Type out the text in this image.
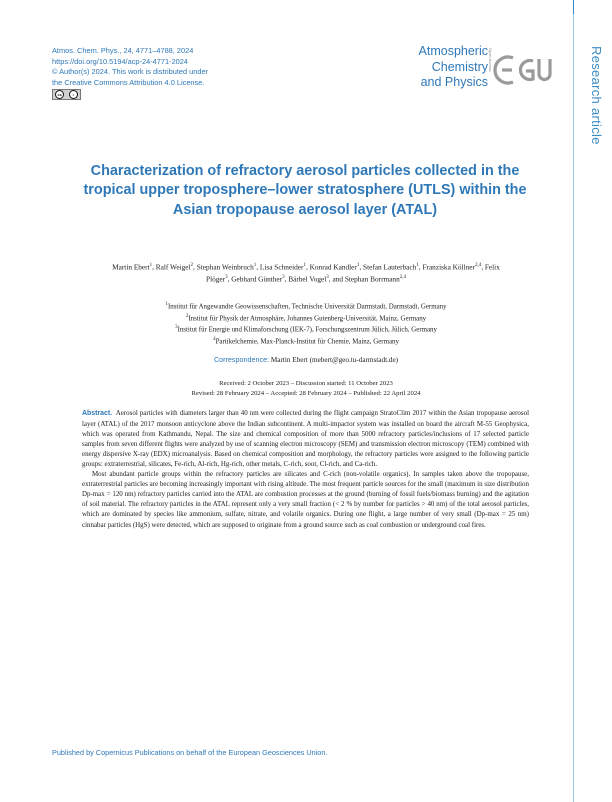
Research article
Atmos. Chem. Phys., 24, 4771–4788, 2024
https://doi.org/10.5194/acp-24-4771-2024
© Author(s) 2024. This work is distributed under
the Creative Commons Attribution 4.0 License.
cc	•
Atmospheric
Chemistry
and Physics
Open Access
Characterization of refractory aerosol particles collected in the tropical upper troposphere–lower stratosphere (UTLS) within the Asian tropopause aerosol layer (ATAL)
Martin Ebert$^1$, Ralf Weigel$^2$, Stephan Weinbruch$^1$, Lisa Schneider$^1$, Konrad Kandler$^1$, Stefan Lauterbach$^1$, Franziska Köllner$^{2,4}$, Felix Plöger$^3$, Gebhard Günther$^3$, Bärbel Vogel$^3$, and Stephan Borrmann$^{2,4}$
$^1$Institut für Angewandte Geowissenschaften, Technische Universität Darmstadt, Darmstadt, Germany
$^2$Institut für Physik der Atmosphäre, Johannes Gutenberg-Universität, Mainz, Germany
$^3$Institut für Energie und Klimaforschung (IEK-7), Forschungszentrum Jülich, Jülich, Germany
$^4$Partikelchemie, Max-Planck-Institut für Chemie, Mainz, Germany
Correspondence: Martin Ebert (mebert@geo.tu-darmstadt.de)
Received: 2 October 2023 – Discussion started: 11 October 2023
Revised: 28 February 2024 – Accepted: 28 February 2024 – Published: 22 April 2024

Abstract. Aerosol particles with diameters larger than 40 nm were collected during the flight campaign StratoClim 2017 within the Asian tropopause aerosol layer (ATAL) of the 2017 monsoon anticyclone above the Indian subcontinent. A multi-impactor system was installed on board the aircraft M-55 Geophysica, which was operated from Kathmandu, Nepal. The size and chemical composition of more than 5000 refractory particles/inclusions of 17 selected particle samples from seven different flights were analyzed by use of scanning electron microscopy (SEM) and transmission electron microscopy (TEM) combined with energy dispersive X-ray (EDX) microanalysis. Based on chemical composition and morphology, the refractory particles were assigned to the following particle groups: extraterrestrial, silicates, Fe-rich, Al-rich, Hg-rich, other metals, C-rich, soot, Cl-rich, and Ca-rich.

Most abundant particle groups within the refractory particles are silicates and C-rich (non-volatile organics). In samples taken above the tropopause, extraterrestrial particles are becoming increasingly important with rising altitude. The most frequent particle sources for the small (maximum in size distribution Dp-max = 120 nm) refractory particles carried into the ATAL are combustion processes at the ground (burning of fossil fuels/biomass burning) and the agitation of soil material. The refractory particles in the ATAL represent only a very small fraction (< 2 % by number for particles > 40 nm) of the total aerosol particles, which are dominated by species like ammonium, sulfate, nitrate, and volatile organics. During one flight, a large number of very small (Dp-max = 25 nm) cinnabar particles (HgS) were detected, which are supposed to originate from a ground source such as coal combustion or underground coal fires.

Published by Copernicus Publications on behalf of the European Geosciences Union.
